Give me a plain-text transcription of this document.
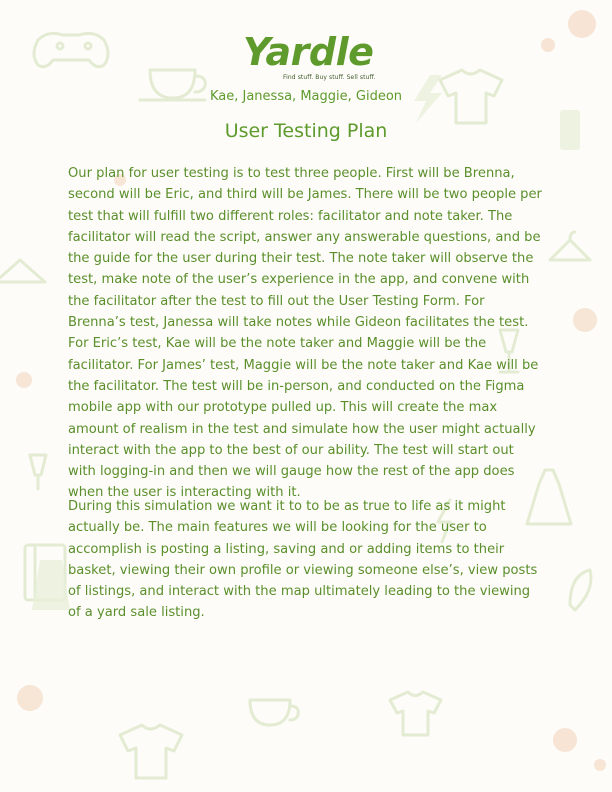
Yardle
Find stuff. Buy stuff. Sell stuff.
Kae, Janessa, Maggie, Gideon
User Testing Plan

Our plan for user testing is to test three people. First will be Brenna, second will be Eric, and third will be James. There will be two people per test that will fulfill two different roles: facilitator and note taker. The facilitator will read the script, answer any answerable questions, and be the guide for the user during their test. The note taker will observe the test, make note of the user’s experience in the app, and convene with the facilitator after the test to fill out the User Testing Form. For Brenna’s test, Janessa will take notes while Gideon facilitates the test. For Eric’s test, Kae will be the note taker and Maggie will be the facilitator. For James’ test, Maggie will be the note taker and Kae will be the facilitator. The test will be in-person, and conducted on the Figma mobile app with our prototype pulled up. This will create the max amount of realism in the test and simulate how the user might actually interact with the app to the best of our ability. The test will start out with logging-in and then we will gauge how the rest of the app does when the user is interacting with it.

During this simulation we want it to to be as true to life as it might actually be. The main features we will be looking for the user to accomplish is posting a listing, saving and or adding items to their basket, viewing their own profile or viewing someone else’s, view posts of listings, and interact with the map ultimately leading to the viewing of a yard sale listing.
